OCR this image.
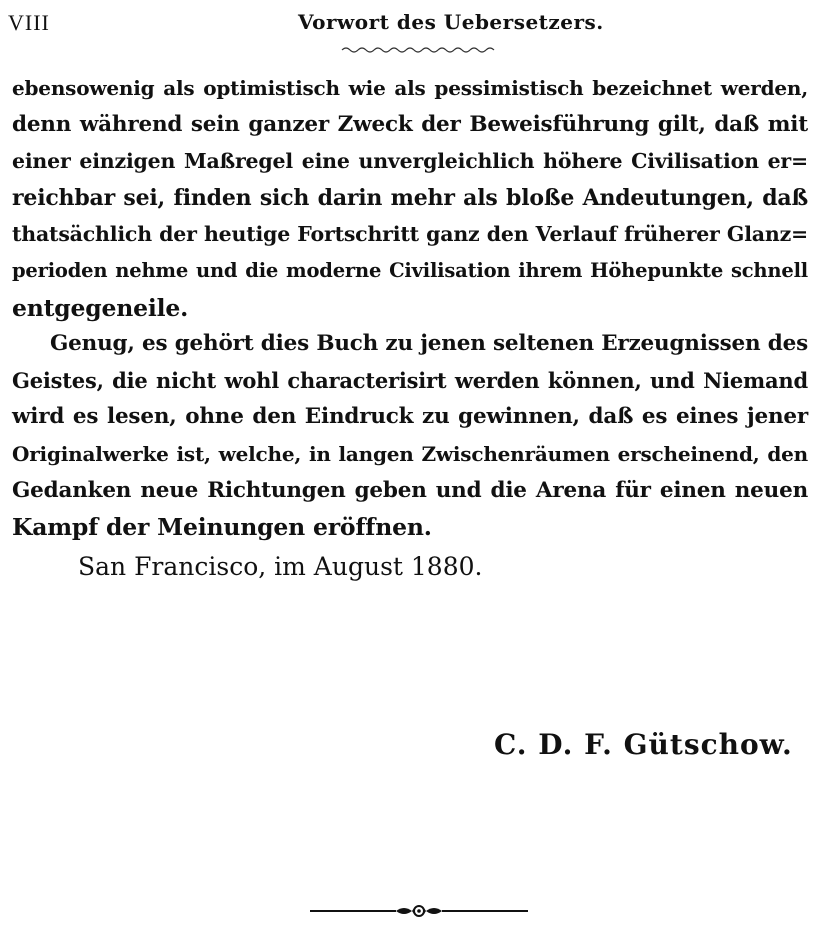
VIII	Vorwort des Uebersetzers.
ebensowenig als optimistisch wie als pessimistisch bezeichnet werden,
denn während sein ganzer Zweck der Beweisführung gilt, daß mit
einer einzigen Maßregel eine unvergleichlich höhere Civilisation er=
reichbar sei, finden sich darin mehr als bloße Andeutungen, daß
thatsächlich der heutige Fortschritt ganz den Verlauf früherer Glanz=
perioden nehme und die moderne Civilisation ihrem Höhepunkte schnell
entgegeneile.
Genug, es gehört dies Buch zu jenen seltenen Erzeugnissen des
Geistes, die nicht wohl characterisirt werden können, und Niemand
wird es lesen, ohne den Eindruck zu gewinnen, daß es eines jener
Originalwerke ist, welche, in langen Zwischenräumen erscheinend, den
Gedanken neue Richtungen geben und die Arena für einen neuen
Kampf der Meinungen eröffnen.
San Francisco, im August 1880.
C. D. F. Gütschow.
